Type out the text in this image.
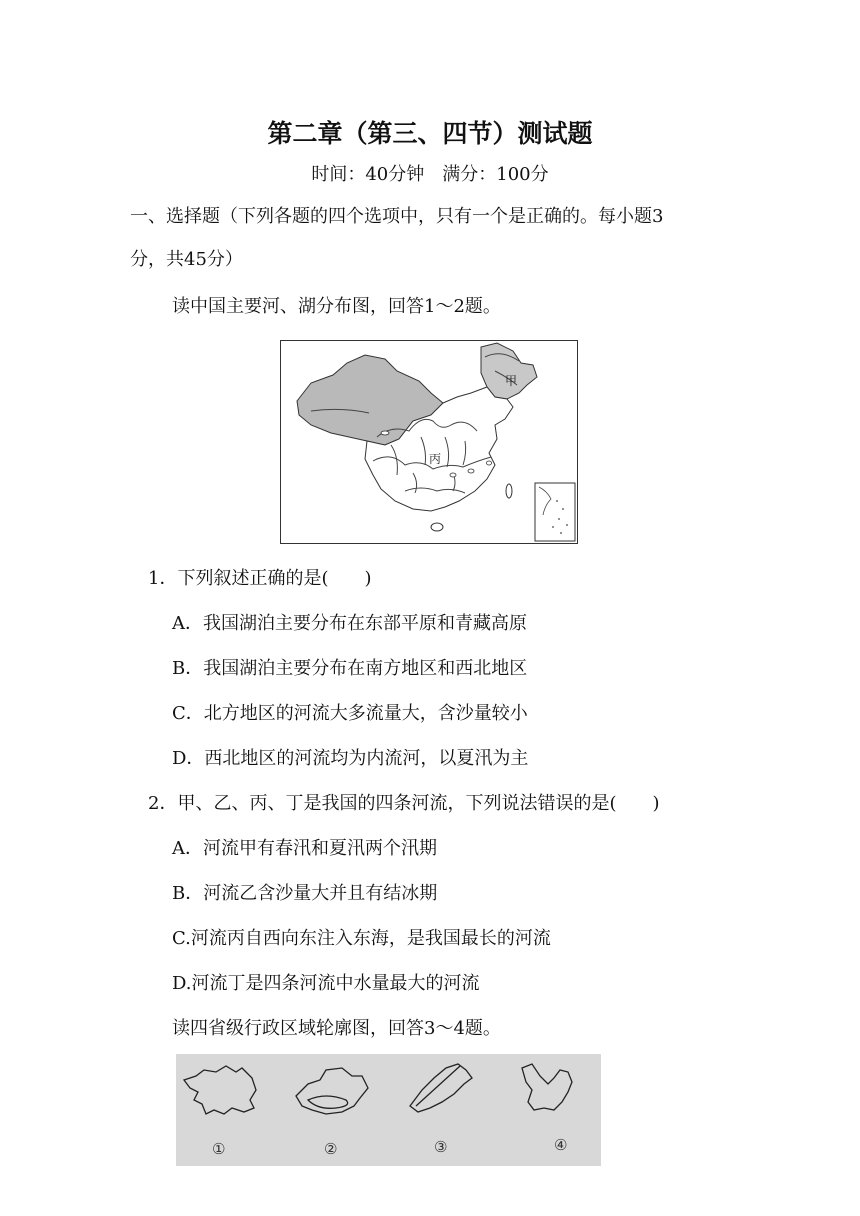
第二章（第三、四节）测试题
时间：40分钟　满分：100分
一、选择题（下列各题的四个选项中，只有一个是正确的。每小题3
分，共45分）
读中国主要河、湖分布图，回答1～2题。
甲
丙
1．下列叙述正确的是(　　)
A．我国湖泊主要分布在东部平原和青藏高原
B．我国湖泊主要分布在南方地区和西北地区
C．北方地区的河流大多流量大，含沙量较小
D．西北地区的河流均为内流河，以夏汛为主
2．甲、乙、丙、丁是我国的四条河流，下列说法错误的是(　　)
A．河流甲有春汛和夏汛两个汛期
B．河流乙含沙量大并且有结冰期
C.河流丙自西向东注入东海，是我国最长的河流
D.河流丁是四条河流中水量最大的河流
读四省级行政区域轮廓图，回答3～4题。
①	②	③	④
